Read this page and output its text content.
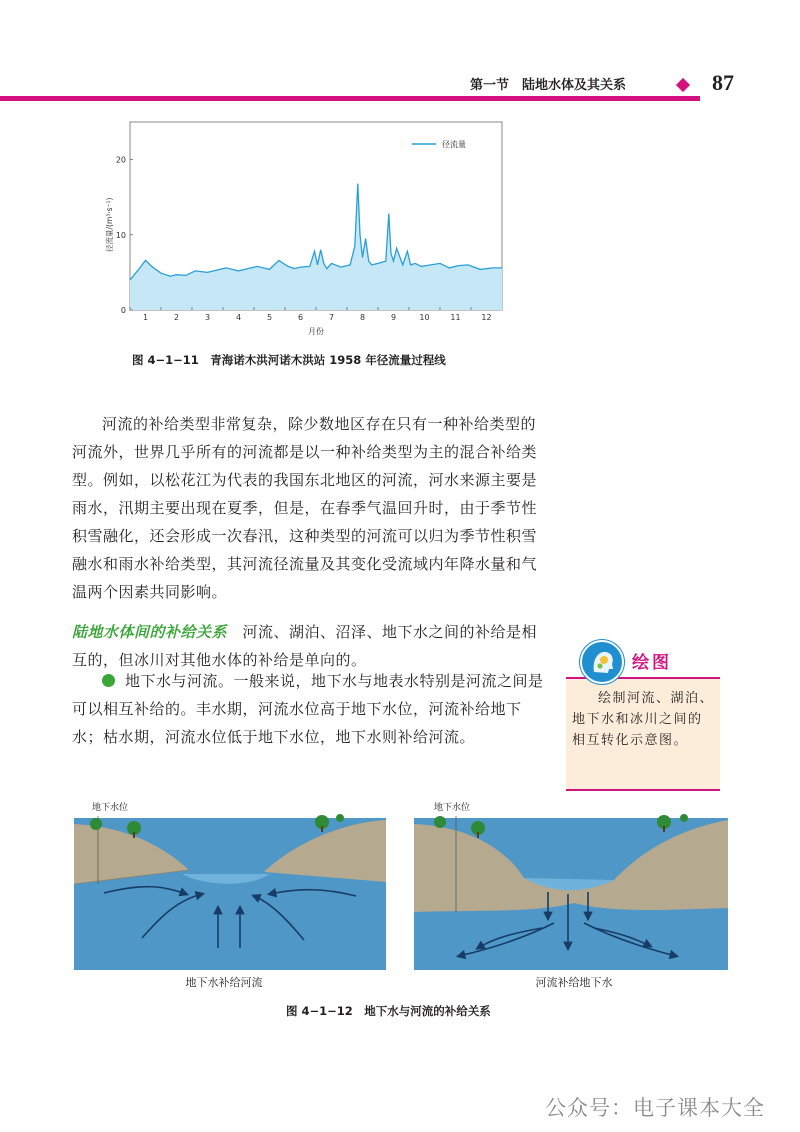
第一节　陆地水体及其关系	87
0
10
20
1	2	3	4	5	6	7	8	9	10	11	12
径流量
径流量/(m³·s⁻¹)
月份
图 4−1−11　青海诺木洪河诺木洪站 1958 年径流量过程线
河流的补给类型非常复杂，除少数地区存在只有一种补给类型的河流外，世界几乎所有的河流都是以一种补给类型为主的混合补给类型。例如，以松花江为代表的我国东北地区的河流，河水来源主要是雨水，汛期主要出现在夏季，但是，在春季气温回升时，由于季节性积雪融化，还会形成一次春汛，这种类型的河流可以归为季节性积雪融水和雨水补给类型，其河流径流量及其变化受流域内年降水量和气温两个因素共同影响。
陆地水体间的补给关系　河流、湖泊、沼泽、地下水之间的补给是相互的，但冰川对其他水体的补给是单向的。
地下水与河流。一般来说，地下水与地表水特别是河流之间是可以相互补给的。丰水期，河流水位高于地下水位，河流补给地下水；枯水期，河流水位低于地下水位，地下水则补给河流。
绘图
绘制河流、湖泊、地下水和冰川之间的相互转化示意图。
地下水位
地下水补给河流
地下水位
河流补给地下水
图 4−1−12　地下水与河流的补给关系
公众号：电子课本大全
